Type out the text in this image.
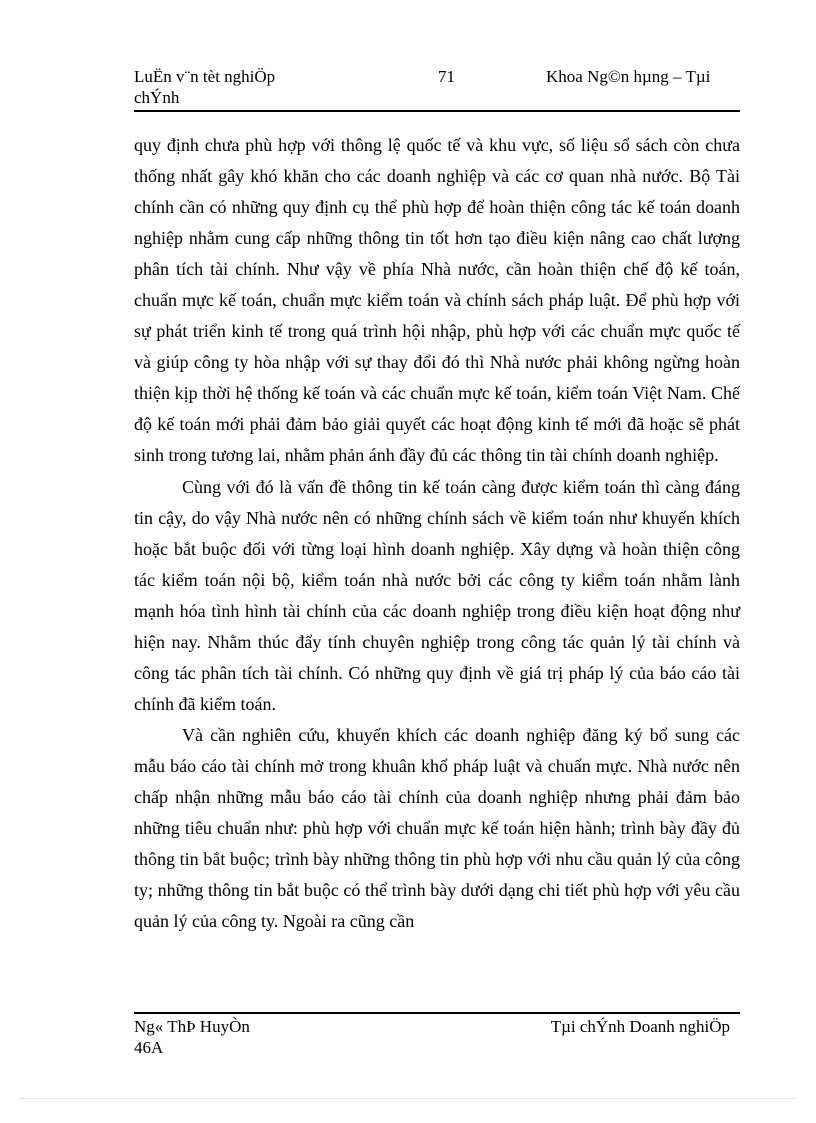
LuËn v¨n tèt nghiÖp
chÝnh
71	Khoa Ng©n hµng – Tµi

quy định chưa phù hợp với thông lệ quốc tế và khu vực, số liệu sổ sách còn chưa thống nhất gây khó khăn cho các doanh nghiệp và các cơ quan nhà nước. Bộ Tài chính cần có những quy định cụ thể phù hợp để hoàn thiện công tác kế toán doanh nghiệp nhằm cung cấp những thông tin tốt hơn tạo điều kiện nâng cao chất lượng phân tích tài chính. Như vậy về phía Nhà nước, cần hoàn thiện chế độ kế toán, chuẩn mực kế toán, chuẩn mực kiểm toán và chính sách pháp luật. Để phù hợp với sự phát triển kinh tế trong quá trình hội nhập, phù hợp với các chuẩn mực quốc tế và giúp công ty hòa nhập với sự thay đổi đó thì Nhà nước phải không ngừng hoàn thiện kịp thời hệ thống kế toán và các chuẩn mực kế toán, kiểm toán Việt Nam. Chế độ kế toán mới phải đảm bảo giải quyết các hoạt động kinh tế mới đã hoặc sẽ phát sinh trong tương lai, nhằm phản ánh đầy đủ các thông tin tài chính doanh nghiệp.

Cùng với đó là vấn đề thông tin kế toán càng được kiểm toán thì càng đáng tin cậy, do vậy Nhà nước nên có những chính sách về kiểm toán như khuyến khích hoặc bắt buộc đối với từng loại hình doanh nghiệp. Xây dựng và hoàn thiện công tác kiểm toán nội bộ, kiểm toán nhà nước bởi các công ty kiểm toán nhằm lành mạnh hóa tình hình tài chính của các doanh nghiệp trong điều kiện hoạt động như hiện nay. Nhằm thúc đẩy tính chuyên nghiệp trong công tác quản lý tài chính và công tác phân tích tài chính. Có những quy định về giá trị pháp lý của báo cáo tài chính đã kiểm toán.

Và cần nghiên cứu, khuyến khích các doanh nghiệp đăng ký bổ sung các mẫu báo cáo tài chính mở trong khuân khổ pháp luật và chuẩn mực. Nhà nước nên chấp nhận những mẫu báo cáo tài chính của doanh nghiệp nhưng phải đảm bảo những tiêu chuẩn như: phù hợp với chuẩn mực kế toán hiện hành; trình bày đầy đủ thông tin bắt buộc; trình bày những thông tin phù hợp với nhu cầu quản lý của công ty; những thông tin bắt buộc có thể trình bày dưới dạng chi tiết phù hợp với yêu cầu quản lý của công ty. Ngoài ra cũng cần

Ng« ThÞ HuyÒn
46A
Tµi chÝnh Doanh nghiÖp
